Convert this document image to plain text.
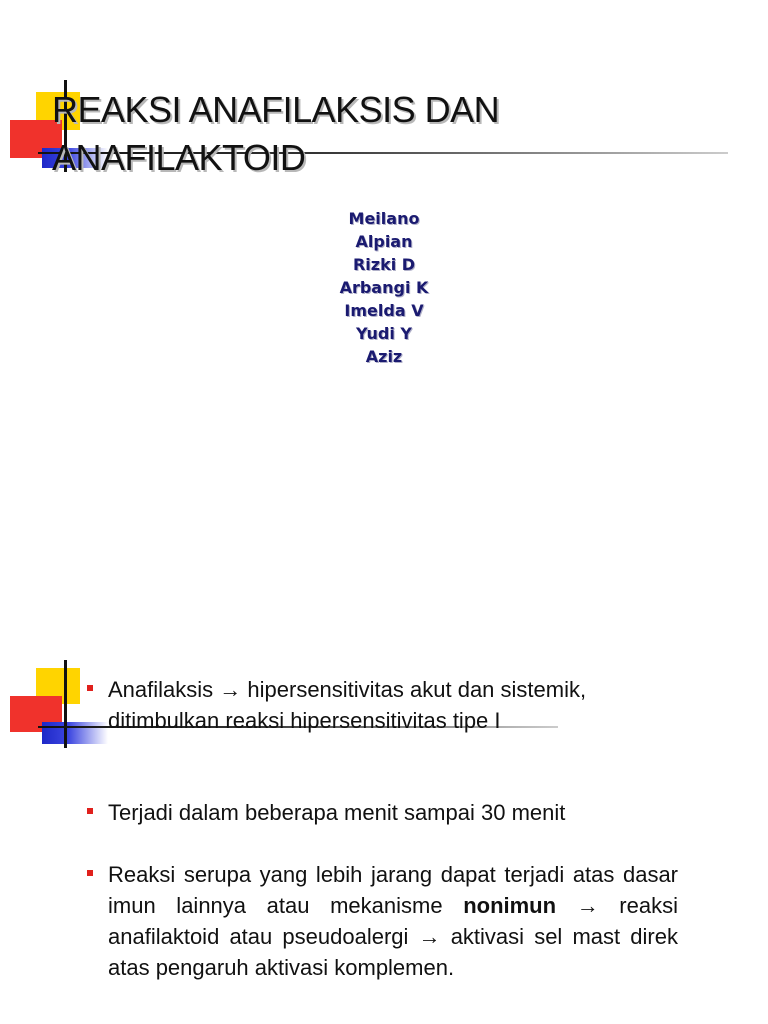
REAKSI ANAFILAKSIS DAN ANAFILAKTOID
Meilano
Alpian
Rizki D
Arbangi K
Imelda V
Yudi Y
Aziz
Anafilaksis → hipersensitivitas akut dan sistemik, ditimbulkan reaksi hipersensitivitas tipe I
Terjadi dalam beberapa menit sampai 30 menit
Reaksi serupa yang lebih jarang dapat terjadi atas dasar imun lainnya atau mekanisme nonimun → reaksi anafilaktoid atau pseudoalergi → aktivasi sel mast direk atas pengaruh aktivasi komplemen.
